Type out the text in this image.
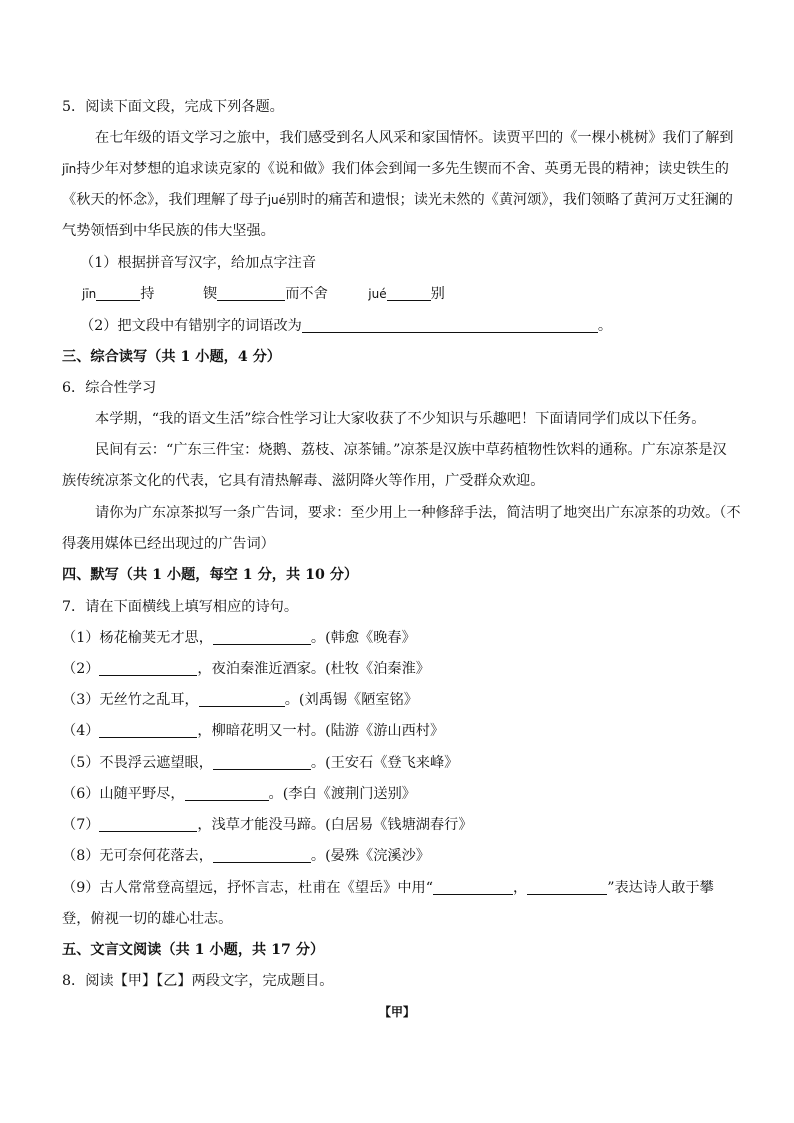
5．阅读下面文段，完成下列各题。
在七年级的语文学习之旅中，我们感受到名人风采和家国情怀。读贾平凹的《一棵小桃树》我们了解到
jīn持少年对梦想的追求读克家的《说和做》我们体会到闻一多先生锲而不舍、英勇无畏的精神；读史铁生的
《秋天的怀念》，我们理解了母子jué别时的痛苦和遗恨；读光未然的《黄河颂》，我们领略了黄河万丈狂澜的
气势领悟到中华民族的伟大坚强。
（1）根据拼音写汉字，给加点字注音
jīn	持	锲	而不舍	jué	别
（2）把文段中有错别字的词语改为	。
三、综合读写（共 1 小题，4 分）
6．综合性学习
本学期，“我的语文生活”综合性学习让大家收获了不少知识与乐趣吧！下面请同学们成以下任务。
民间有云：“广东三件宝：烧鹅、荔枝、凉茶铺。”凉茶是汉族中草药植物性饮料的通称。广东凉茶是汉
族传统凉茶文化的代表，它具有清热解毒、滋阴降火等作用，广受群众欢迎。
请你为广东凉茶拟写一条广告词，要求：至少用上一种修辞手法，简洁明了地突出广东凉茶的功效。（不
得袭用媒体已经出现过的广告词）
四、默写（共 1 小题，每空 1 分，共 10 分）
7．请在下面横线上填写相应的诗句。
（1）杨花榆荚无才思，	。(韩愈《晚春》
（2）	，夜泊秦淮近酒家。(杜牧《泊秦淮》
（3）无丝竹之乱耳，	。(刘禹锡《陋室铭》
（4）	，柳暗花明又一村。(陆游《游山西村》
（5）不畏浮云遮望眼，	。(王安石《登飞来峰》
（6）山随平野尽，	。(李白《渡荆门送别》
（7）	，浅草才能没马蹄。(白居易《钱塘湖春行》
（8）无可奈何花落去，	。(晏殊《浣溪沙》
（9）古人常常登高望远，抒怀言志，杜甫在《望岳》中用“	，	”表达诗人敢于攀
登，俯视一切的雄心壮志。
五、文言文阅读（共 1 小题，共 17 分）
8．阅读【甲】【乙】两段文字，完成题目。
【甲】
